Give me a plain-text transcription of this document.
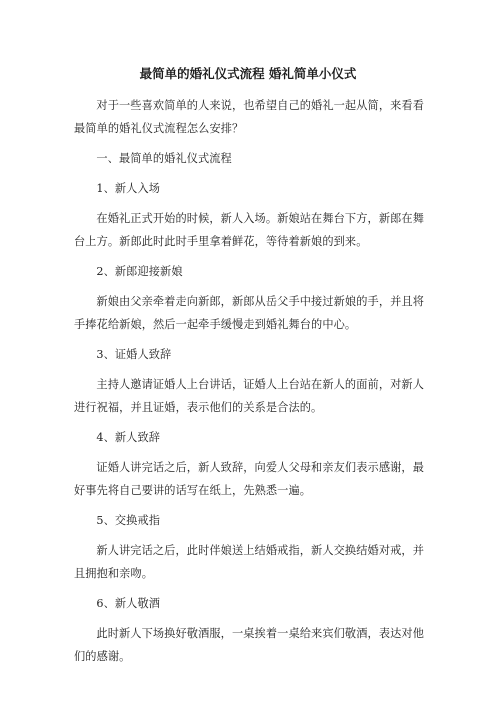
最简单的婚礼仪式流程 婚礼简单小仪式

对于一些喜欢简单的人来说，也希望自己的婚礼一起从简，来看看最简单的婚礼仪式流程怎么安排？

一、最简单的婚礼仪式流程

1、新人入场

在婚礼正式开始的时候，新人入场。新娘站在舞台下方，新郎在舞台上方。新郎此时此时手里拿着鲜花，等待着新娘的到来。

2、新郎迎接新娘

新娘由父亲牵着走向新郎，新郎从岳父手中接过新娘的手，并且将手捧花给新娘，然后一起牵手缓慢走到婚礼舞台的中心。

3、证婚人致辞

主持人邀请证婚人上台讲话，证婚人上台站在新人的面前，对新人进行祝福，并且证婚，表示他们的关系是合法的。

4、新人致辞

证婚人讲完话之后，新人致辞，向爱人父母和亲友们表示感谢，最好事先将自己要讲的话写在纸上，先熟悉一遍。

5、交换戒指

新人讲完话之后，此时伴娘送上结婚戒指，新人交换结婚对戒，并且拥抱和亲吻。

6、新人敬酒

此时新人下场换好敬酒服，一桌挨着一桌给来宾们敬酒，表达对他们的感谢。
